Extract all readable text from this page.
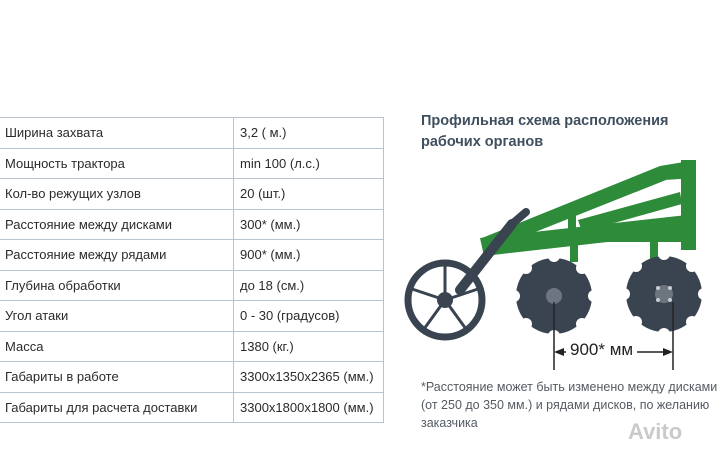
Ширина захвата	3,2 ( м.)
Мощность трактора	min 100 (л.с.)
Кол-во режущих узлов	20 (шт.)
Расстояние между дисками	300* (мм.)
Расстояние между рядами	900* (мм.)
Глубина обработки	до 18 (см.)
Угол атаки	0 - 30 (градусов)
Масса	1380 (кг.)
Габариты в работе	3300х1350х2365 (мм.)
Габариты для расчета доставки	3300х1800х1800 (мм.)
Профильная схема расположения
рабочих органов
900* мм
*Расстояние может быть изменено между дисками (от 250 до 350 мм.) и рядами дисков, по желанию заказчика	Avito
